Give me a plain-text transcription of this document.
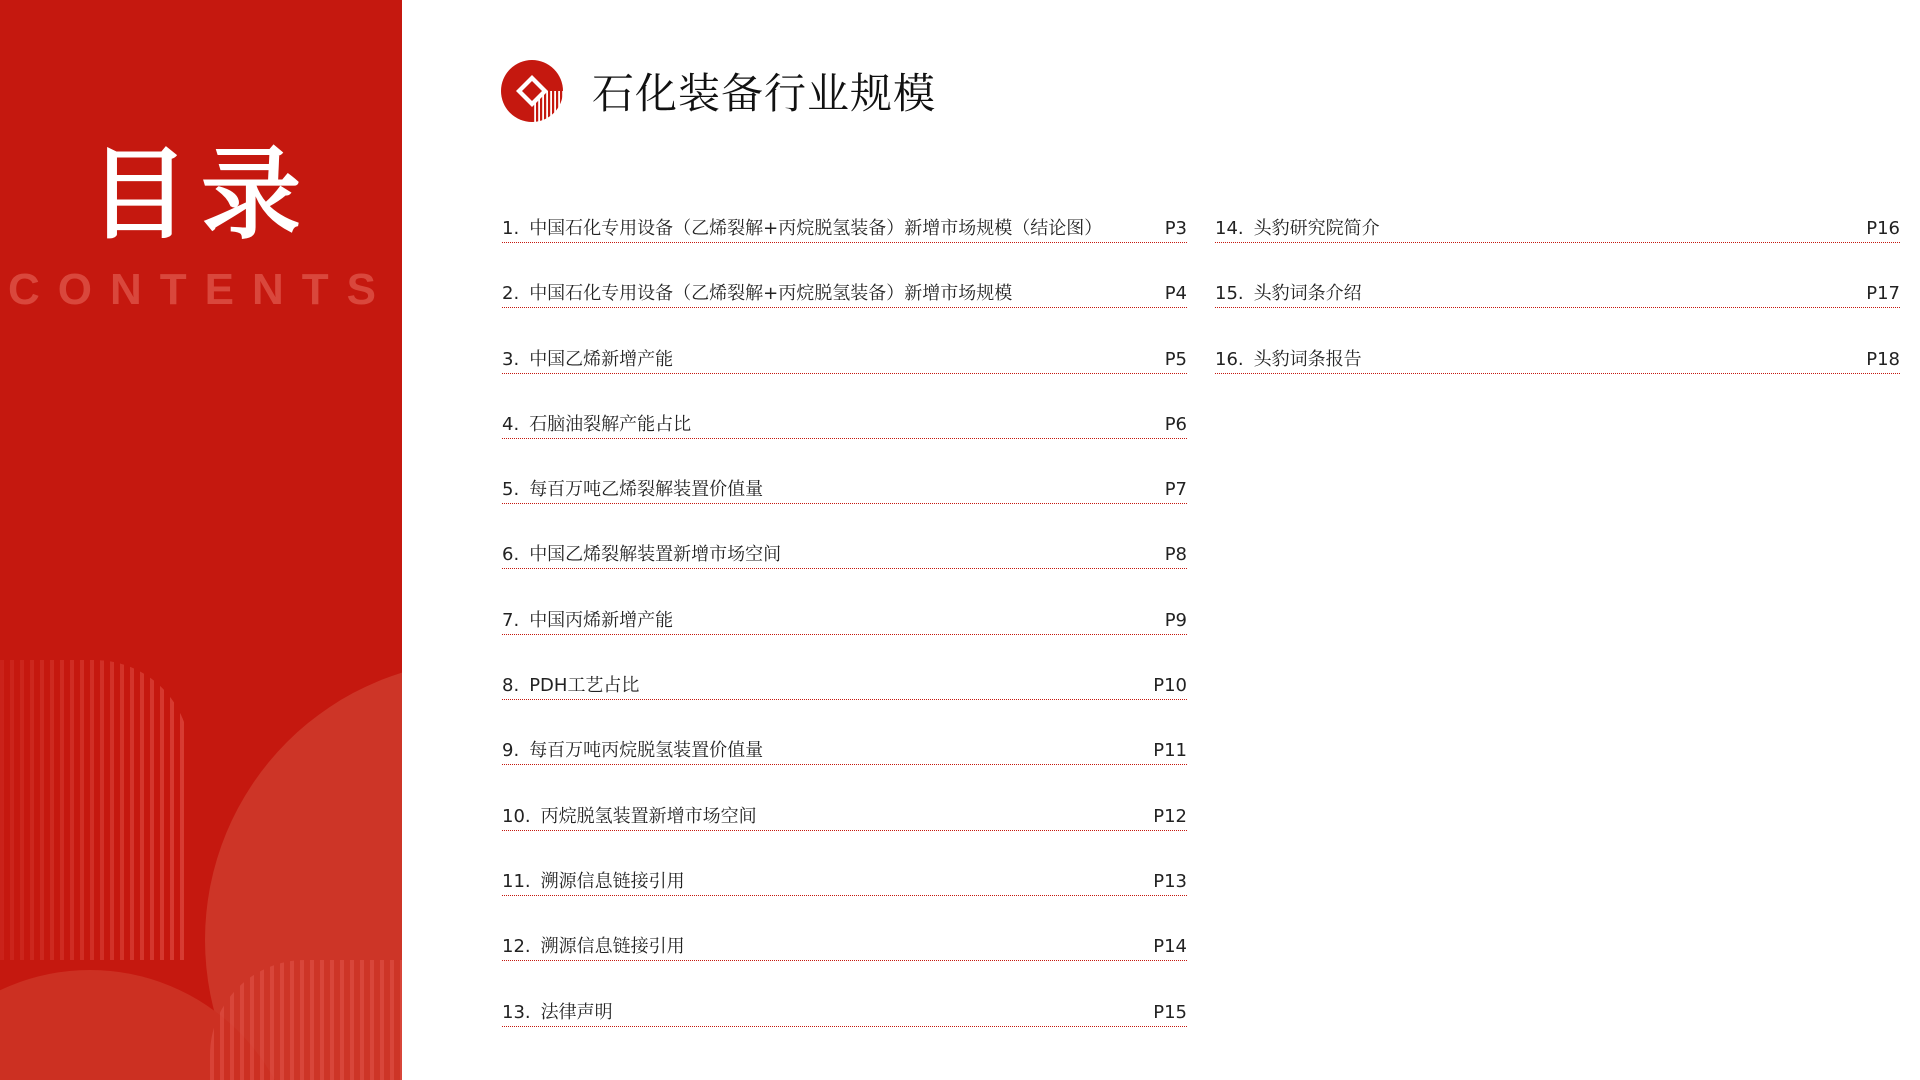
目录
CONTENTS
石化装备行业规模
1. 中国石化专用设备（乙烯裂解+丙烷脱氢装备）新增市场规模（结论图）	P3
2. 中国石化专用设备（乙烯裂解+丙烷脱氢装备）新增市场规模	P4
3. 中国乙烯新增产能	P5
4. 石脑油裂解产能占比	P6
5. 每百万吨乙烯裂解装置价值量	P7
6. 中国乙烯裂解装置新增市场空间	P8
7. 中国丙烯新增产能	P9
8. PDH工艺占比	P10
9. 每百万吨丙烷脱氢装置价值量	P11
10. 丙烷脱氢装置新增市场空间	P12
11. 溯源信息链接引用	P13
12. 溯源信息链接引用	P14
13. 法律声明	P15
14. 头豹研究院简介	P16
15. 头豹词条介绍	P17
16. 头豹词条报告	P18
